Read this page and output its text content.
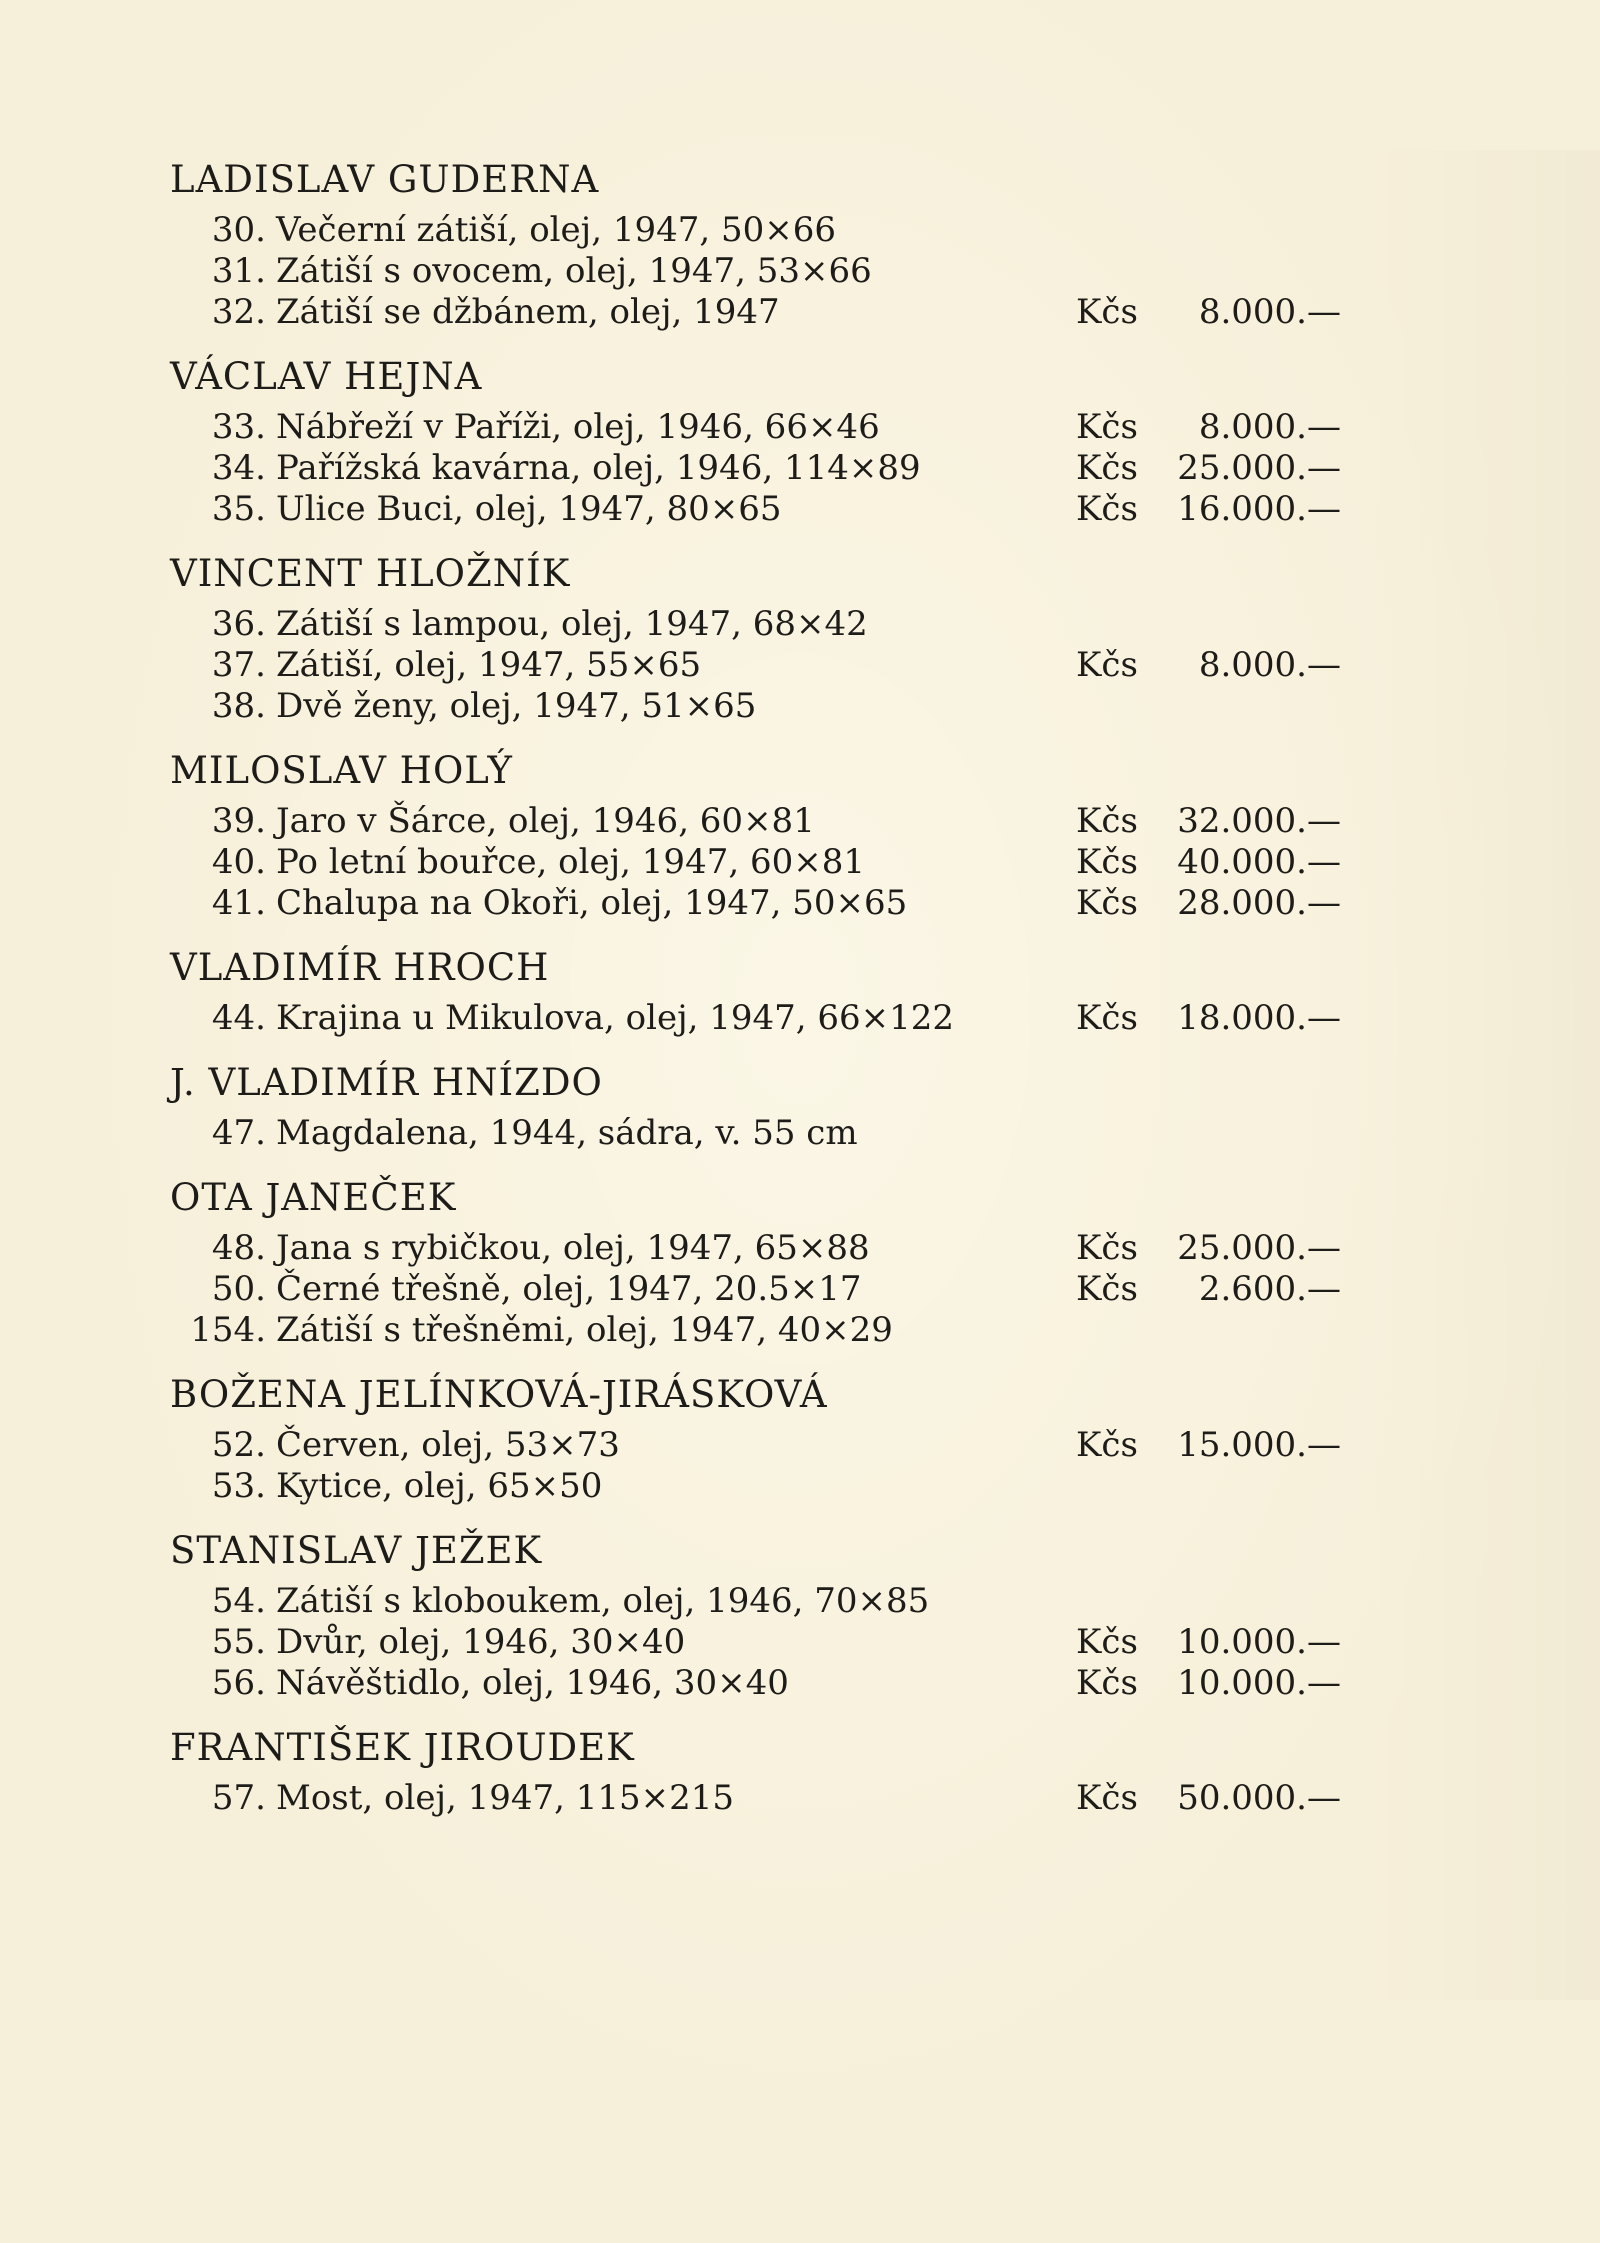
LADISLAV GUDERNA
30. Večerní zátiší, olej, 1947, 50×66
31. Zátiší s ovocem, olej, 1947, 53×66
32. Zátiší se džbánem, olej, 1947	Kčs	8.000.—
VÁCLAV HEJNA
33. Nábřeží v Paříži, olej, 1946, 66×46	Kčs	8.000.—
34. Pařížská kavárna, olej, 1946, 114×89	Kčs	25.000.—
35. Ulice Buci, olej, 1947, 80×65	Kčs	16.000.—
VINCENT HLOŽNÍK
36. Zátiší s lampou, olej, 1947, 68×42
37. Zátiší, olej, 1947, 55×65	Kčs	8.000.—
38. Dvě ženy, olej, 1947, 51×65
MILOSLAV HOLÝ
39. Jaro v Šárce, olej, 1946, 60×81	Kčs	32.000.—
40. Po letní bouřce, olej, 1947, 60×81	Kčs	40.000.—
41. Chalupa na Okoři, olej, 1947, 50×65	Kčs	28.000.—
VLADIMÍR HROCH
44. Krajina u Mikulova, olej, 1947, 66×122	Kčs	18.000.—
J. VLADIMÍR HNÍZDO
47. Magdalena, 1944, sádra, v. 55 cm
OTA JANEČEK
48. Jana s rybičkou, olej, 1947, 65×88	Kčs	25.000.—
50. Černé třešně, olej, 1947, 20.5×17	Kčs	2.600.—
154. Zátiší s třešněmi, olej, 1947, 40×29
BOŽENA JELÍNKOVÁ-JIRÁSKOVÁ
52. Červen, olej, 53×73	Kčs	15.000.—
53. Kytice, olej, 65×50
STANISLAV JEŽEK
54. Zátiší s kloboukem, olej, 1946, 70×85
55. Dvůr, olej, 1946, 30×40	Kčs	10.000.—
56. Návěštidlo, olej, 1946, 30×40	Kčs	10.000.—
FRANTIŠEK JIROUDEK
57. Most, olej, 1947, 115×215	Kčs	50.000.—
